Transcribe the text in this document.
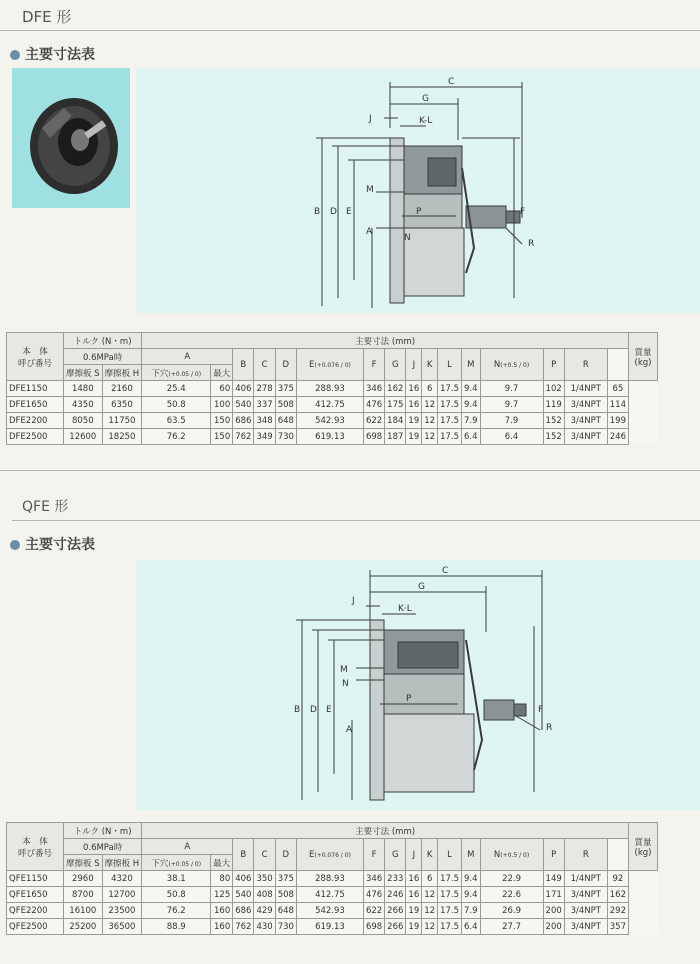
DFE 形
主要寸法表
C
G
J	K-L
B D E	F
M
N
P
A
R
本　体
呼び番号	トルク (N・m)		主要寸法 (mm)																質量
(kg)
	0.6MPa時		A		B	C	D	E(+0.076 / 0)	F	G	J	K	L	M	N(+0.5 / 0)	P	R		
	摩擦板 S	摩擦板 H	下穴(+0.05 / 0)	最大															
DFE1150	1480	2160	25.4	60	406	278	375	288.93	346	162	16	6	17.5	9.4	9.7	102	1/4NPT	65	
DFE1650	4350	6350	50.8	100	540	337	508	412.75	476	175	16	12	17.5	9.4	9.7	119	3/4NPT	114	
DFE2200	8050	11750	63.5	150	686	348	648	542.93	622	184	19	12	17.5	7.9	7.9	152	3/4NPT	199	
DFE2500	12600	18250	76.2	150	762	349	730	619.13	698	187	19	12	17.5	6.4	6.4	152	3/4NPT	246	
QFE 形
主要寸法表
C
G
J
K·L
B D E	F
M
N
P
A	R
本　体
呼び番号	トルク (N・m)		主要寸法 (mm)																質量
(kg)
	0.6MPa時		A		B	C	D	E(+0.076 / 0)	F	G	J	K	L	M	N(+0.5 / 0)	P	R		
	摩擦板 S	摩擦板 H	下穴(+0.05 / 0)	最大															
QFE1150	2960	4320	38.1	80	406	350	375	288.93	346	233	16	6	17.5	9.4	22.9	149	1/4NPT	92	
QFE1650	8700	12700	50.8	125	540	408	508	412.75	476	246	16	12	17.5	9.4	22.6	171	3/4NPT	162	
QFE2200	16100	23500	76.2	160	686	429	648	542.93	622	266	19	12	17.5	7.9	26.9	200	3/4NPT	292	
QFE2500	25200	36500	88.9	160	762	430	730	619.13	698	266	19	12	17.5	6.4	27.7	200	3/4NPT	357	
